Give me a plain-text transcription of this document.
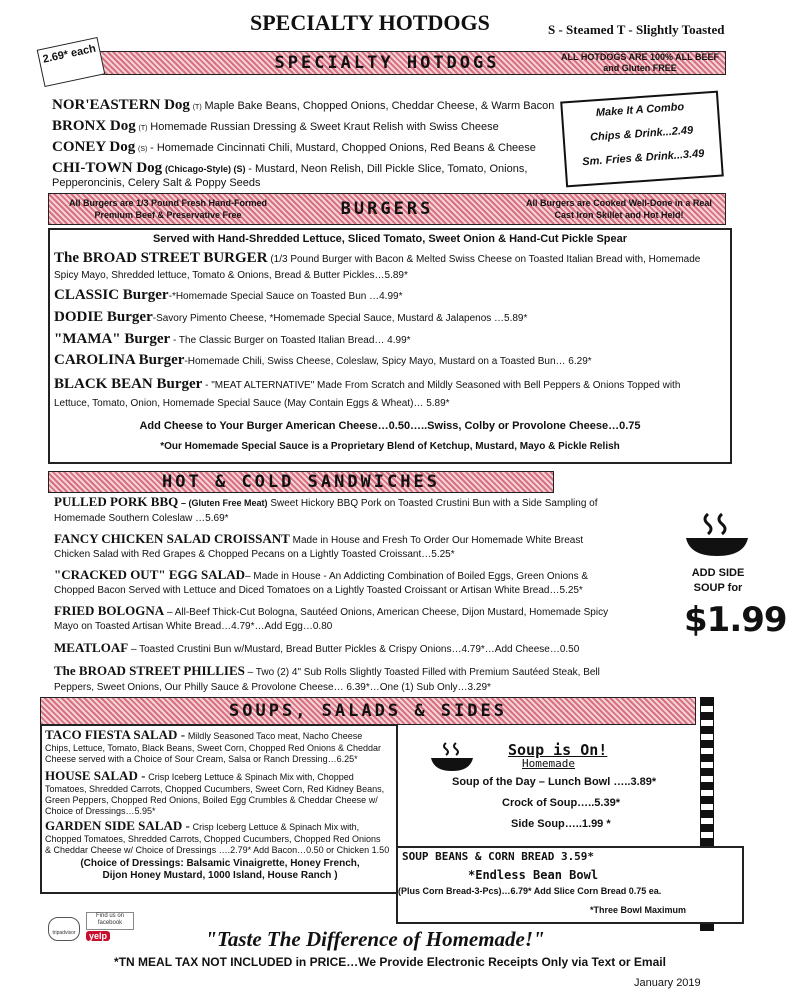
SPECIALTY HOTDOGS	S - Steamed T - Slightly Toasted
SPECIALTY HOTDOGS
2.69* each	ALL HOTDOGS ARE 100% ALL BEEF and Gluten FREE
NOR'EASTERN Dog (T) Maple Bake Beans, Chopped Onions, Cheddar Cheese, & Warm Bacon
BRONX Dog (T) Homemade Russian Dressing & Sweet Kraut Relish with Swiss Cheese
CONEY Dog (S) - Homemade Cincinnati Chili, Mustard, Chopped Onions, Red Beans & Cheese
CHI-TOWN Dog (Chicago-Style) (S) - Mustard, Neon Relish, Dill Pickle Slice, Tomato, Onions,
Pepperoncinis, Celery Salt & Poppy Seeds
Make It A Combo
Chips & Drink...2.49
Sm. Fries & Drink...3.49
BURGERS
All Burgers are 1/3 Pound Fresh Hand-Formed Premium Beef & Preservative Free
All Burgers are Cooked Well-Done in a Real Cast Iron Skillet and Hot Held!
Served with Hand-Shredded Lettuce, Sliced Tomato, Sweet Onion & Hand-Cut Pickle Spear
The BROAD STREET BURGER (1/3 Pound Burger with Bacon & Melted Swiss Cheese on Toasted Italian Bread with, Homemade
Spicy Mayo, Shredded lettuce, Tomato & Onions, Bread & Butter Pickles…5.89*
CLASSIC Burger-*Homemade Special Sauce on Toasted Bun …4.99*
DODIE Burger-Savory Pimento Cheese, *Homemade Special Sauce, Mustard & Jalapenos …5.89*
"MAMA" Burger - The Classic Burger on Toasted Italian Bread… 4.99*
CAROLINA Burger-Homemade Chili, Swiss Cheese, Coleslaw, Spicy Mayo, Mustard on a Toasted Bun… 6.29*
BLACK BEAN Burger - "MEAT ALTERNATIVE" Made From Scratch and Mildly Seasoned with Bell Peppers & Onions Topped with
Lettuce, Tomato, Onion, Homemade Special Sauce (May Contain Eggs & Wheat)… 5.89*
Add Cheese to Your Burger American Cheese…0.50…..Swiss, Colby or Provolone Cheese…0.75
*Our Homemade Special Sauce is a Proprietary Blend of Ketchup, Mustard, Mayo & Pickle Relish
HOT & COLD SANDWICHES
PULLED PORK BBQ – (Gluten Free Meat) Sweet Hickory BBQ Pork on Toasted Crustini Bun with a Side Sampling of
Homemade Southern Coleslaw …5.69*
FANCY CHICKEN SALAD CROISSANT Made in House and Fresh To Order Our Homemade White Breast
Chicken Salad with Red Grapes & Chopped Pecans on a Lightly Toasted Croissant…5.25*
"CRACKED OUT" EGG SALAD– Made in House - An Addicting Combination of Boiled Eggs, Green Onions &
Chopped Bacon Served with Lettuce and Diced Tomatoes on a Lightly Toasted Croissant or Artisan White Bread…5.25*
FRIED BOLOGNA – All-Beef Thick-Cut Bologna, Sautéed Onions, American Cheese, Dijon Mustard, Homemade Spicy
Mayo on Toasted Artisan White Bread…4.79*…Add Egg…0.80
MEATLOAF – Toasted Crustini Bun w/Mustard, Bread Butter Pickles & Crispy Onions…4.79*…Add Cheese…0.50
The BROAD STREET PHILLIES – Two (2) 4" Sub Rolls Slightly Toasted Filled with Premium Sautéed Steak, Bell
Peppers, Sweet Onions, Our Philly Sauce & Provolone Cheese… 6.39*…One (1) Sub Only…3.29*
ADD SIDE
SOUP for
$1.99
SOUPS, SALADS & SIDES
TACO FIESTA SALAD - Mildly Seasoned Taco meat, Nacho Cheese
Chips, Lettuce, Tomato, Black Beans, Sweet Corn, Chopped Red Onions & Cheddar
Cheese served with a Choice of Sour Cream, Salsa or Ranch Dressing…6.25*
HOUSE SALAD - Crisp Iceberg Lettuce & Spinach Mix with, Chopped
Tomatoes, Shredded Carrots, Chopped Cucumbers, Sweet Corn, Red Kidney Beans,
Green Peppers, Chopped Red Onions, Boiled Egg Crumbles & Cheddar Cheese w/
Choice of Dressings…5.95*
GARDEN SIDE SALAD - Crisp Iceberg Lettuce & Spinach Mix with,
Chopped Tomatoes, Shredded Carrots, Chopped Cucumbers, Chopped Red Onions
& Cheddar Cheese w/ Choice of Dressings ….2.79* Add Bacon…0.50 or Chicken 1.50
(Choice of Dressings: Balsamic Vinaigrette, Honey French, Dijon Honey Mustard, 1000 Island, House Ranch )
Soup is On!
Homemade
Soup of the Day – Lunch Bowl …..3.89*
Crock of Soup…..5.39*
Side Soup…..1.99 *
SOUP BEANS & CORN BREAD 3.59*
*Endless Bean Bowl
(Plus Corn Bread-3-Pcs)…6.79* Add Slice Corn Bread 0.75 ea.
*Three Bowl Maximum
tripadvisor	yelp
Find us on facebook
"Taste The Difference of Homemade!"
*TN MEAL TAX NOT INCLUDED in PRICE…We Provide Electronic Receipts Only via Text or Email
January 2019
